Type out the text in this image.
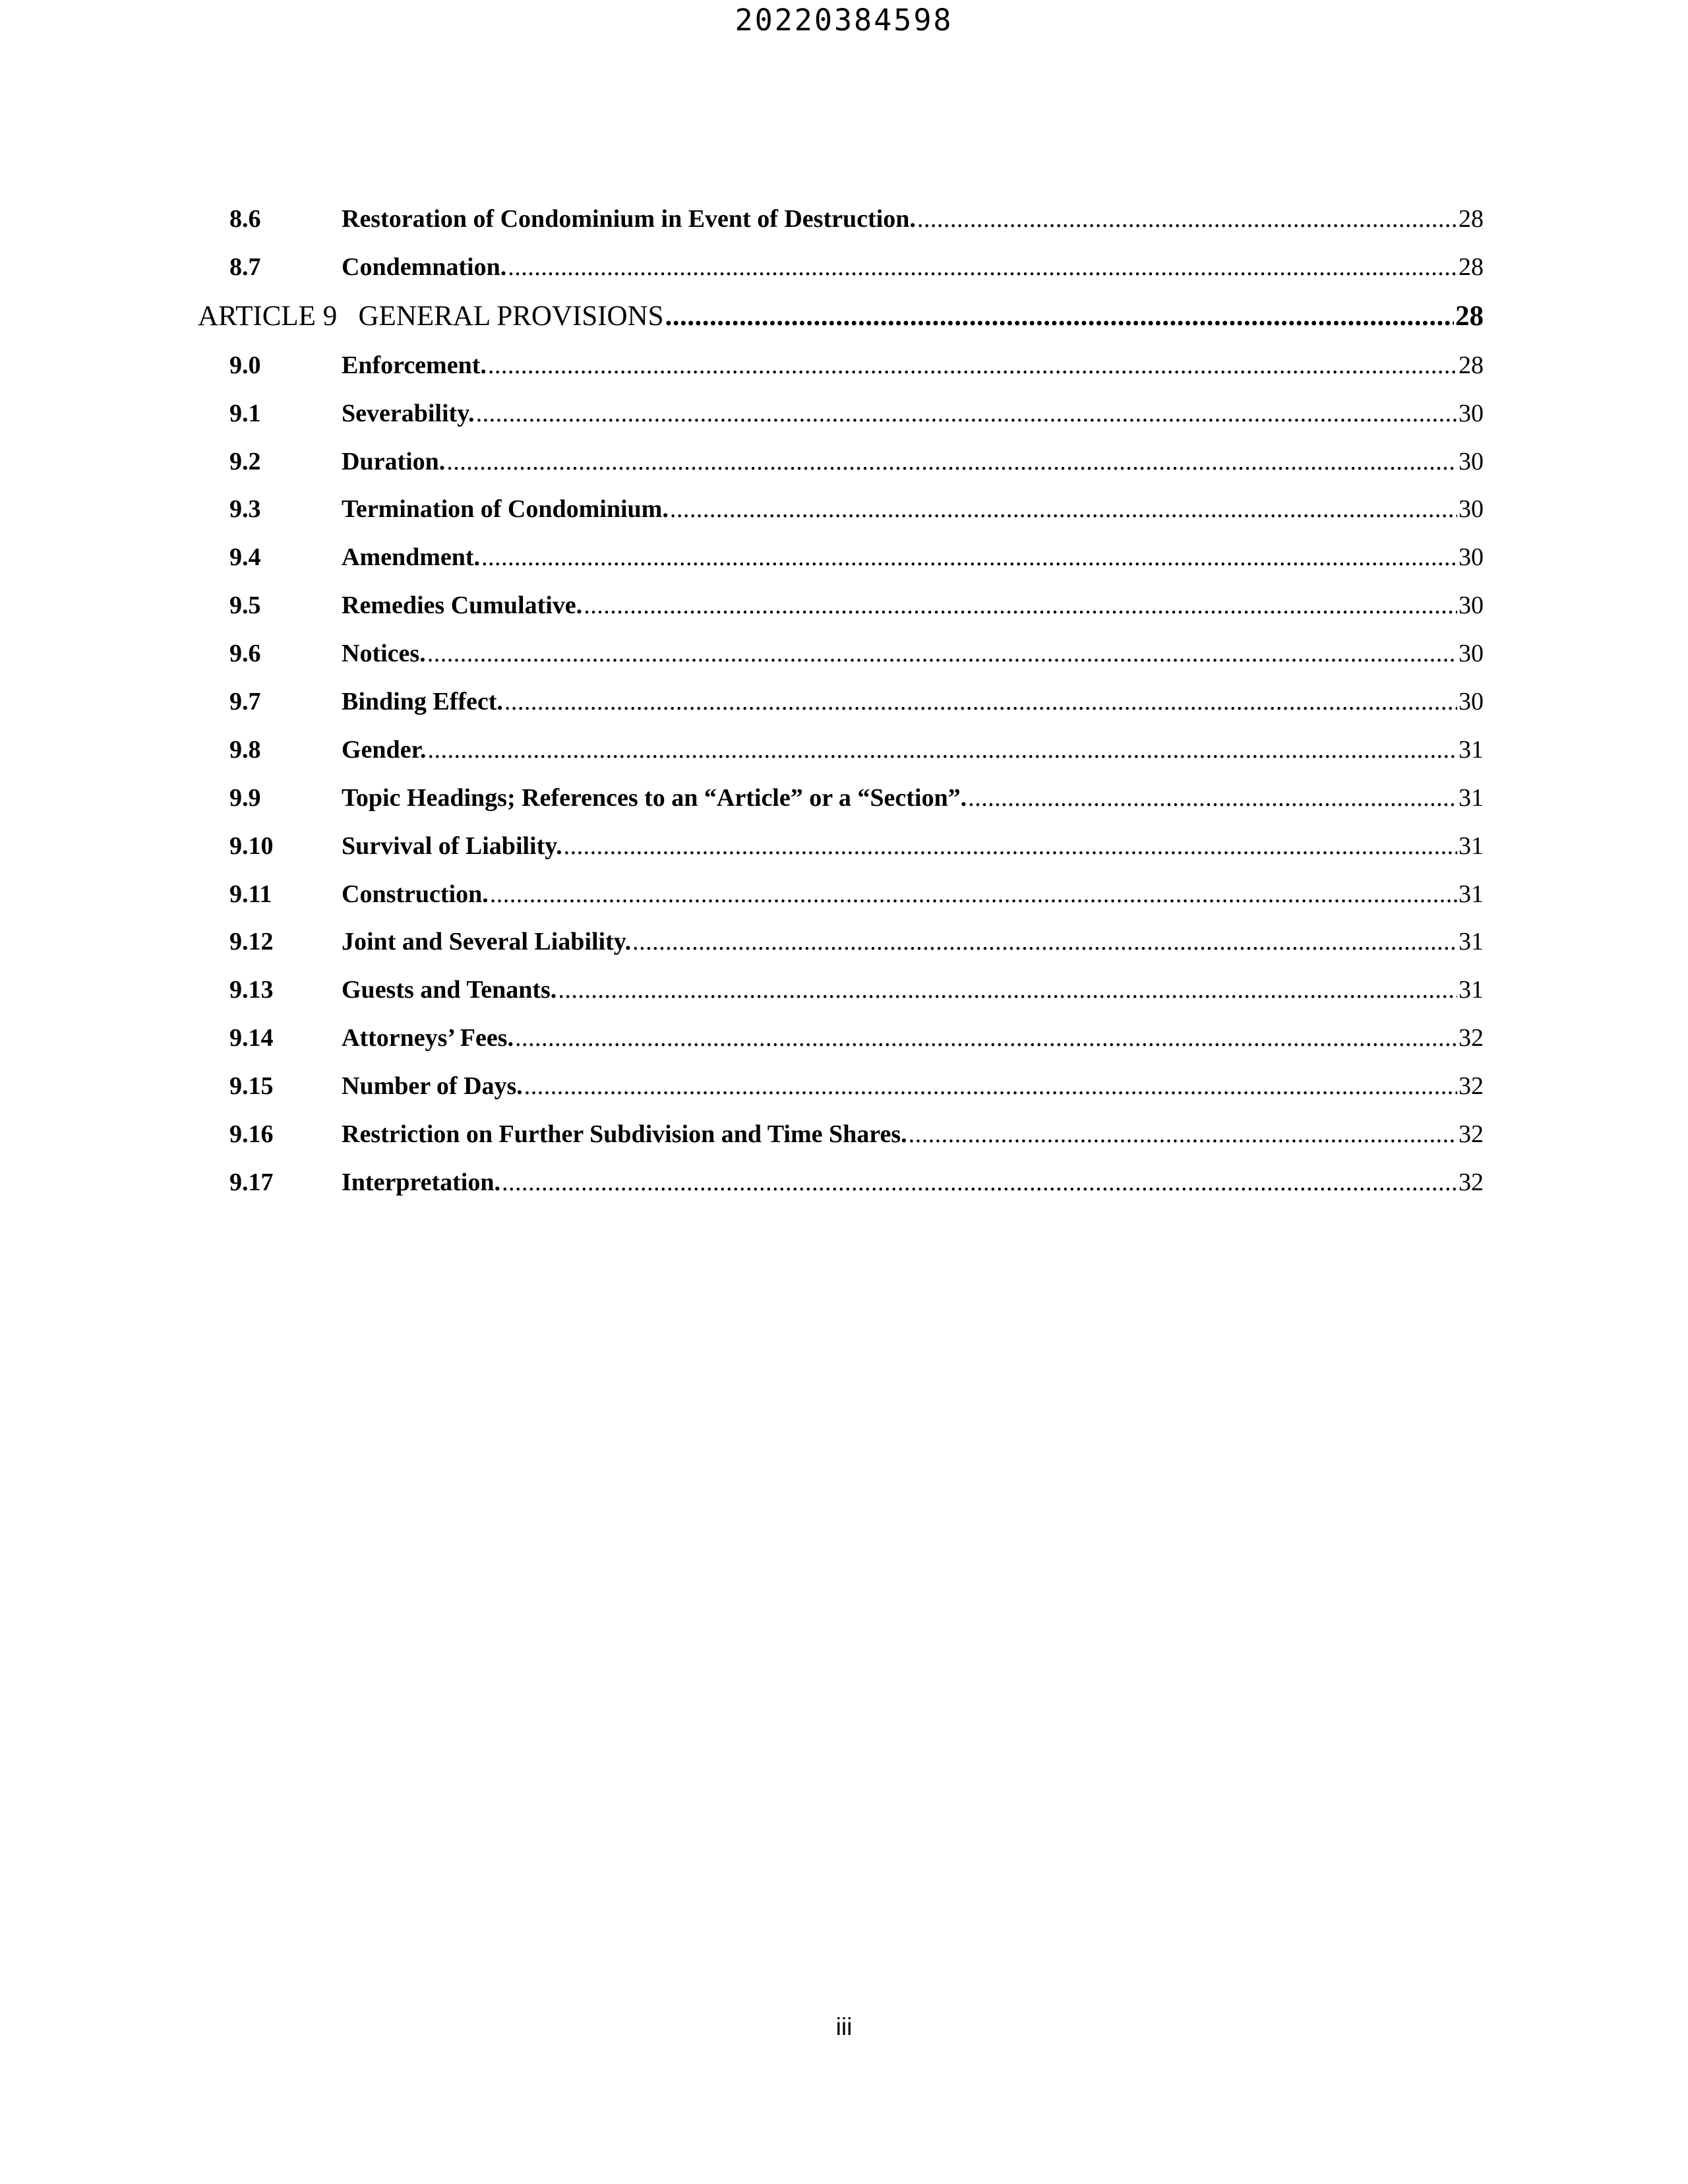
20220384598
8.6	Restoration of Condominium in Event of Destruction. .....	28
8.7	Condemnation. .....	28
ARTICLE 9   GENERAL PROVISIONS .....	28
9.0	Enforcement. .....	28
9.1	Severability. .....	30
9.2	Duration. .....	30
9.3	Termination of Condominium. .....	30
9.4	Amendment. .....	30
9.5	Remedies Cumulative. .....	30
9.6	Notices. .....	30
9.7	Binding Effect. .....	30
9.8	Gender. .....	31
9.9	Topic Headings; References to an “Article” or a “Section”. .....	31
9.10	Survival of Liability. .....	31
9.11	Construction. .....	31
9.12	Joint and Several Liability. .....	31
9.13	Guests and Tenants. .....	31
9.14	Attorneys’ Fees. .....	32
9.15	Number of Days. .....	32
9.16	Restriction on Further Subdivision and Time Shares. .....	32
9.17	Interpretation. .....	32
iii
